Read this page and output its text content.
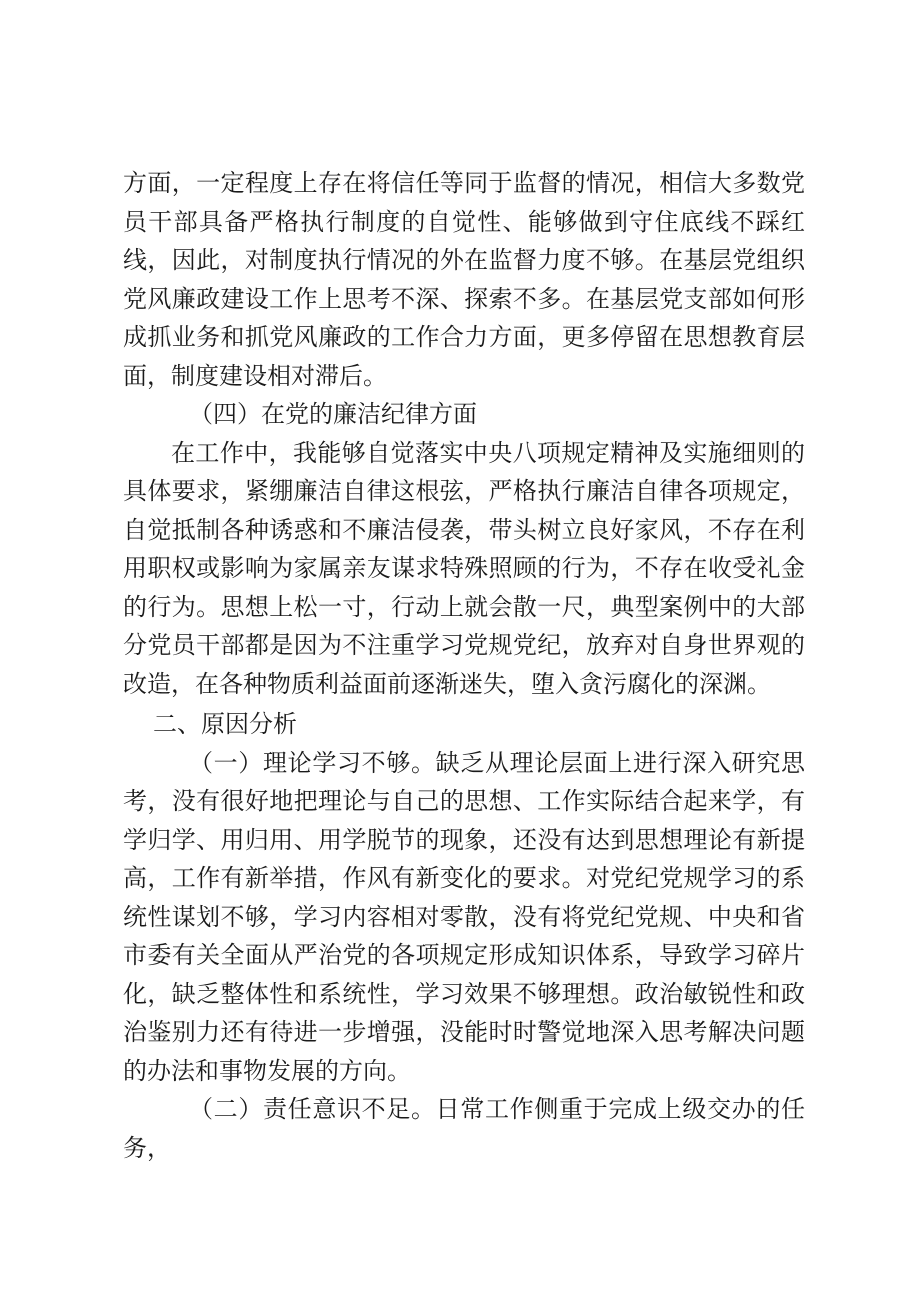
方面，一定程度上存在将信任等同于监督的情况，相信大多数党员干部具备严格执行制度的自觉性、能够做到守住底线不踩红线，因此，对制度执行情况的外在监督力度不够。在基层党组织党风廉政建设工作上思考不深、探索不多。在基层党支部如何形成抓业务和抓党风廉政的工作合力方面，更多停留在思想教育层面，制度建设相对滞后。

（四）在党的廉洁纪律方面

在工作中，我能够自觉落实中央八项规定精神及实施细则的具体要求，紧绷廉洁自律这根弦，严格执行廉洁自律各项规定，自觉抵制各种诱惑和不廉洁侵袭，带头树立良好家风，不存在利用职权或影响为家属亲友谋求特殊照顾的行为，不存在收受礼金的行为。思想上松一寸，行动上就会散一尺，典型案例中的大部分党员干部都是因为不注重学习党规党纪，放弃对自身世界观的改造，在各种物质利益面前逐渐迷失，堕入贪污腐化的深渊。

二、原因分析

（一）理论学习不够。缺乏从理论层面上进行深入研究思考，没有很好地把理论与自己的思想、工作实际结合起来学，有学归学、用归用、用学脱节的现象，还没有达到思想理论有新提高，工作有新举措，作风有新变化的要求。对党纪党规学习的系统性谋划不够，学习内容相对零散，没有将党纪党规、中央和省市委有关全面从严治党的各项规定形成知识体系，导致学习碎片化，缺乏整体性和系统性，学习效果不够理想。政治敏锐性和政治鉴别力还有待进一步增强，没能时时警觉地深入思考解决问题的办法和事物发展的方向。

（二）责任意识不足。日常工作侧重于完成上级交办的任务，
